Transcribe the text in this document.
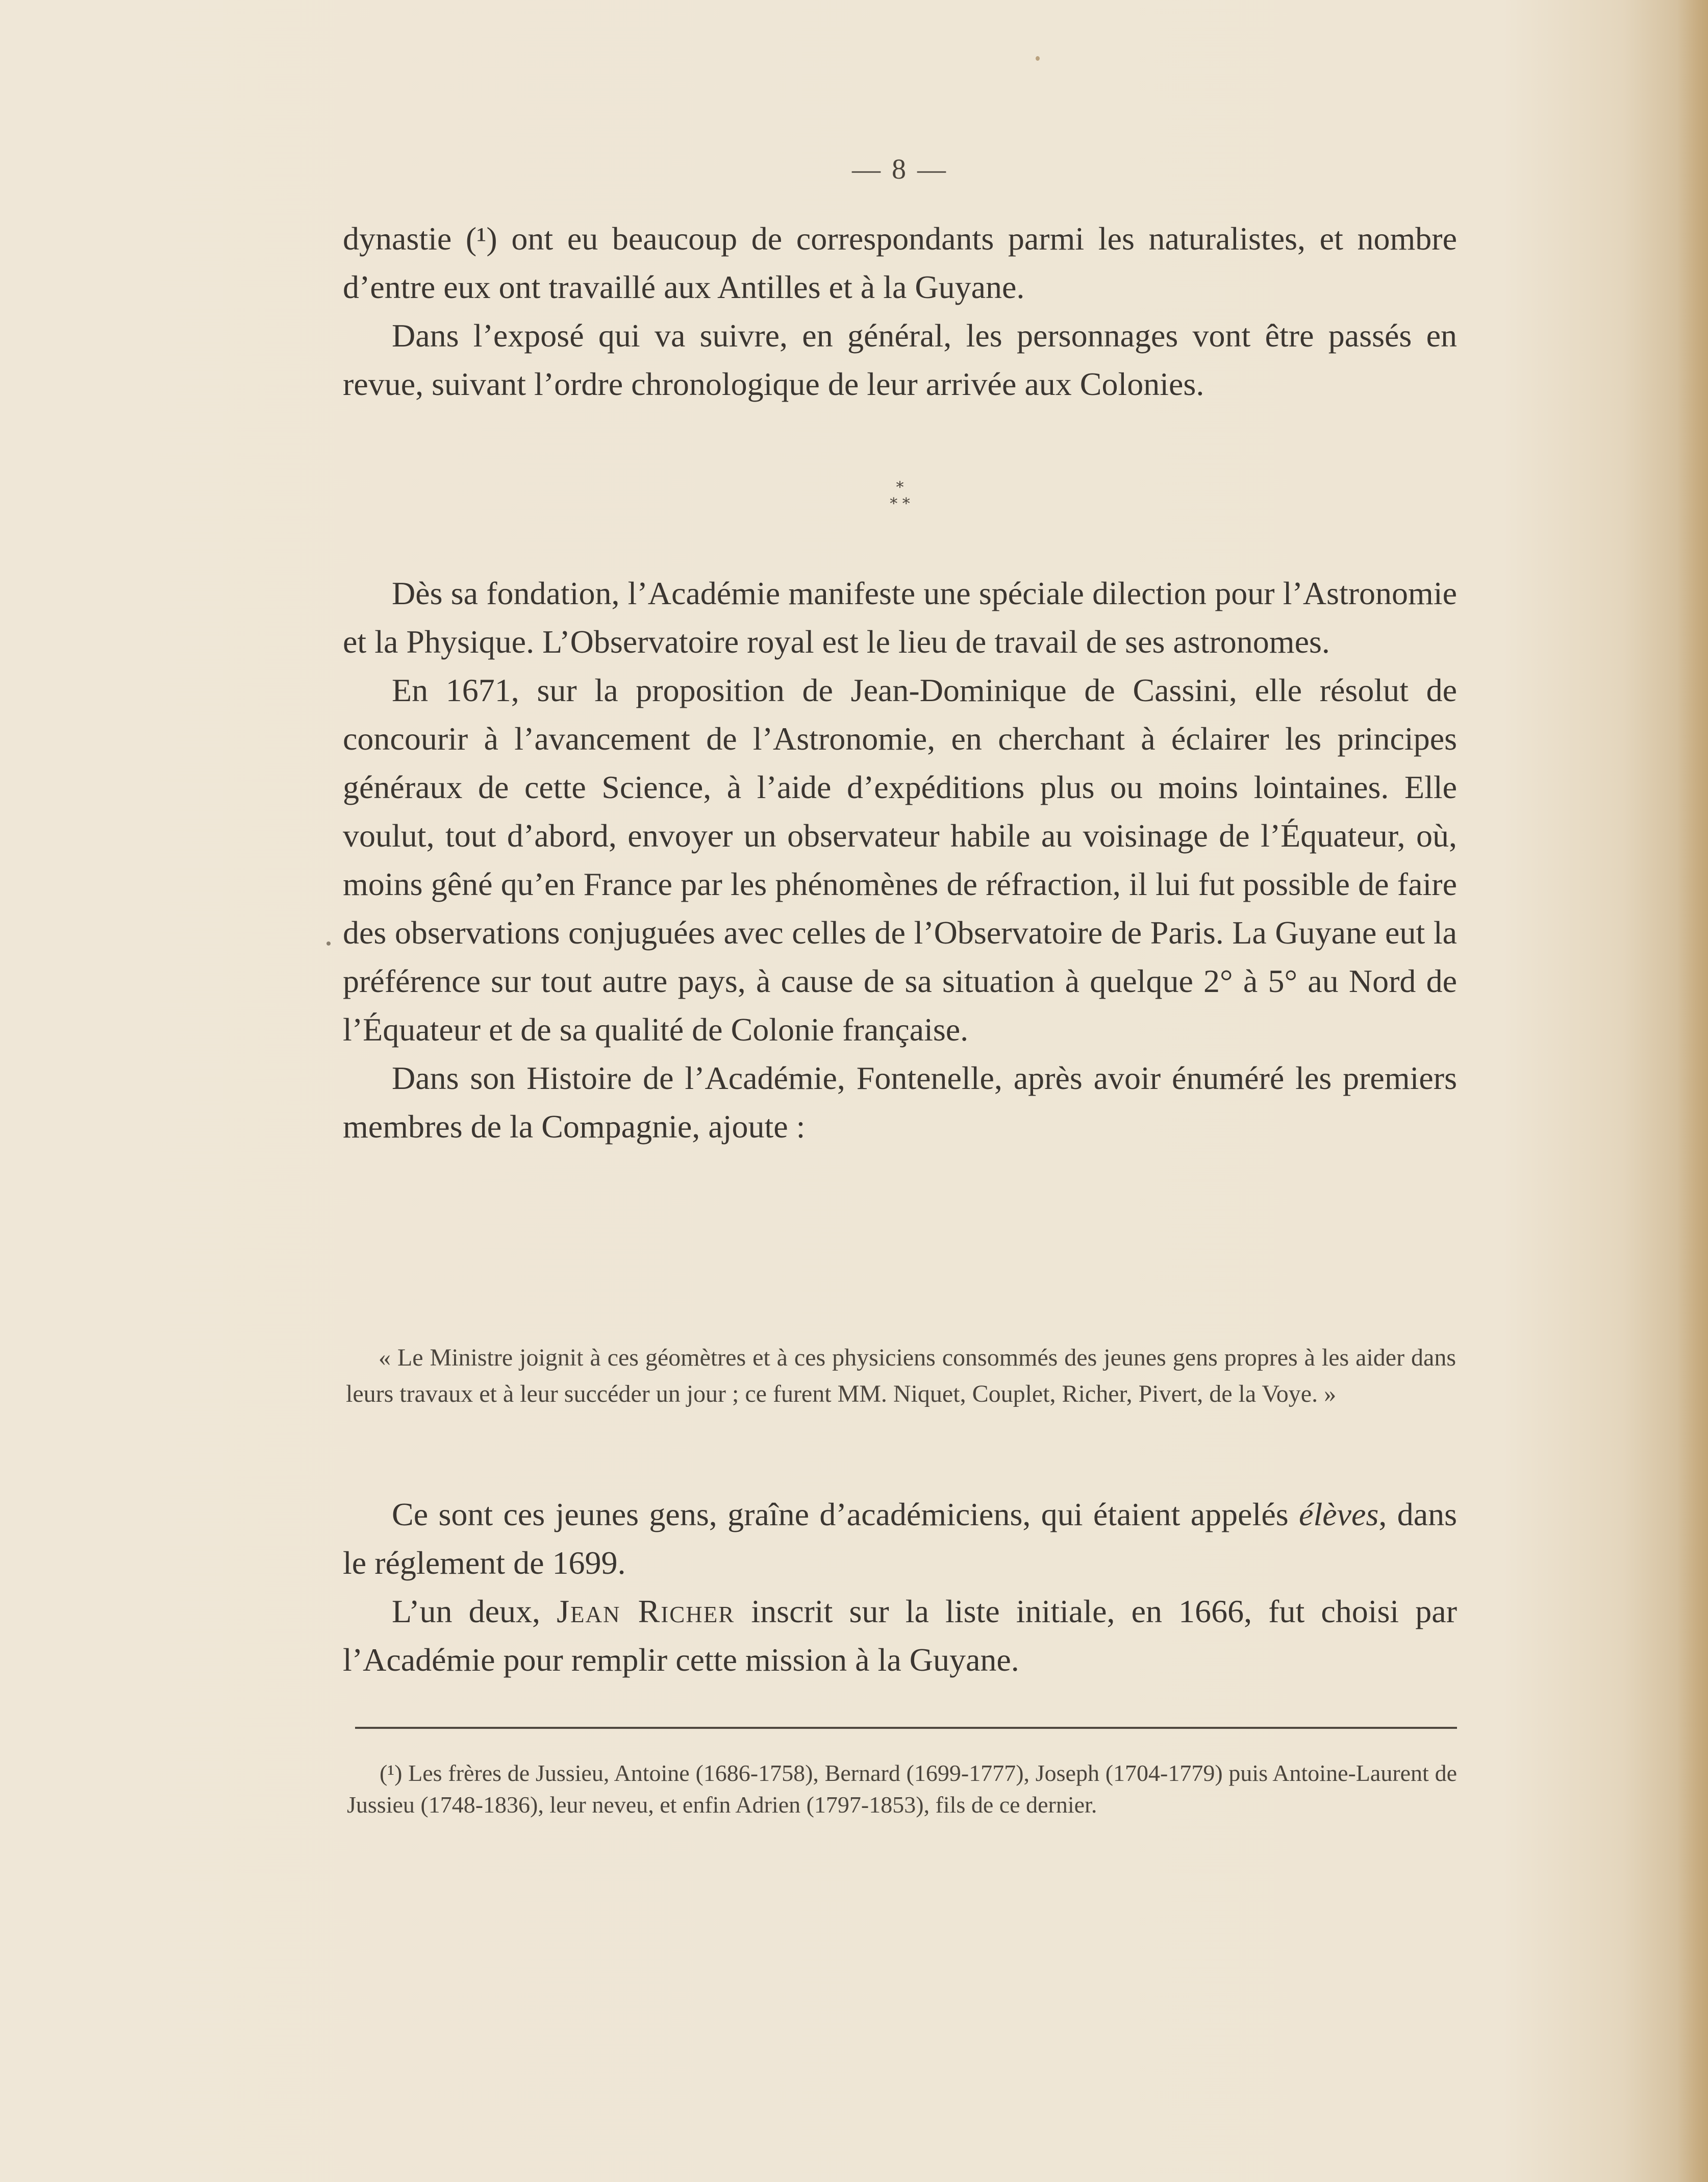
— 8 —

dynastie (¹) ont eu beaucoup de correspondants parmi les naturalistes, et nombre d’entre eux ont travaillé aux Antilles et à la Guyane.

Dans l’exposé qui va suivre, en général, les personnages vont être passés en revue, suivant l’ordre chronologique de leur arrivée aux Colonies.

*
* *

Dès sa fondation, l’Académie manifeste une spéciale dilection pour l’Astronomie et la Physique. L’Observatoire royal est le lieu de travail de ses astronomes.

En 1671, sur la proposition de Jean-Dominique de Cassini, elle résolut de concourir à l’avancement de l’Astronomie, en cherchant à éclairer les principes généraux de cette Science, à l’aide d’expéditions plus ou moins lointaines. Elle voulut, tout d’abord, envoyer un observateur habile au voisinage de l’Équateur, où, moins gêné qu’en France par les phénomènes de réfraction, il lui fut possible de faire des observations conjuguées avec celles de l’Observatoire de Paris. La Guyane eut la préférence sur tout autre pays, à cause de sa situation à quelque 2° à 5° au Nord de l’Équateur et de sa qualité de Colonie française.

Dans son Histoire de l’Académie, Fontenelle, après avoir énuméré les premiers membres de la Compagnie, ajoute :

« Le Ministre joignit à ces géomètres et à ces physiciens consommés des jeunes gens propres à les aider dans leurs travaux et à leur succéder un jour ; ce furent MM. Niquet, Couplet, Richer, Pivert, de la Voye. »

Ce sont ces jeunes gens, graîne d’académiciens, qui étaient appelés élèves, dans le réglement de 1699.

L’un deux, Jean Richer inscrit sur la liste initiale, en 1666, fut choisi par l’Académie pour remplir cette mission à la Guyane.

(¹) Les frères de Jussieu, Antoine (1686-1758), Bernard (1699-1777), Joseph (1704-1779) puis Antoine-Laurent de Jussieu (1748-1836), leur neveu, et enfin Adrien (1797-1853), fils de ce dernier.
